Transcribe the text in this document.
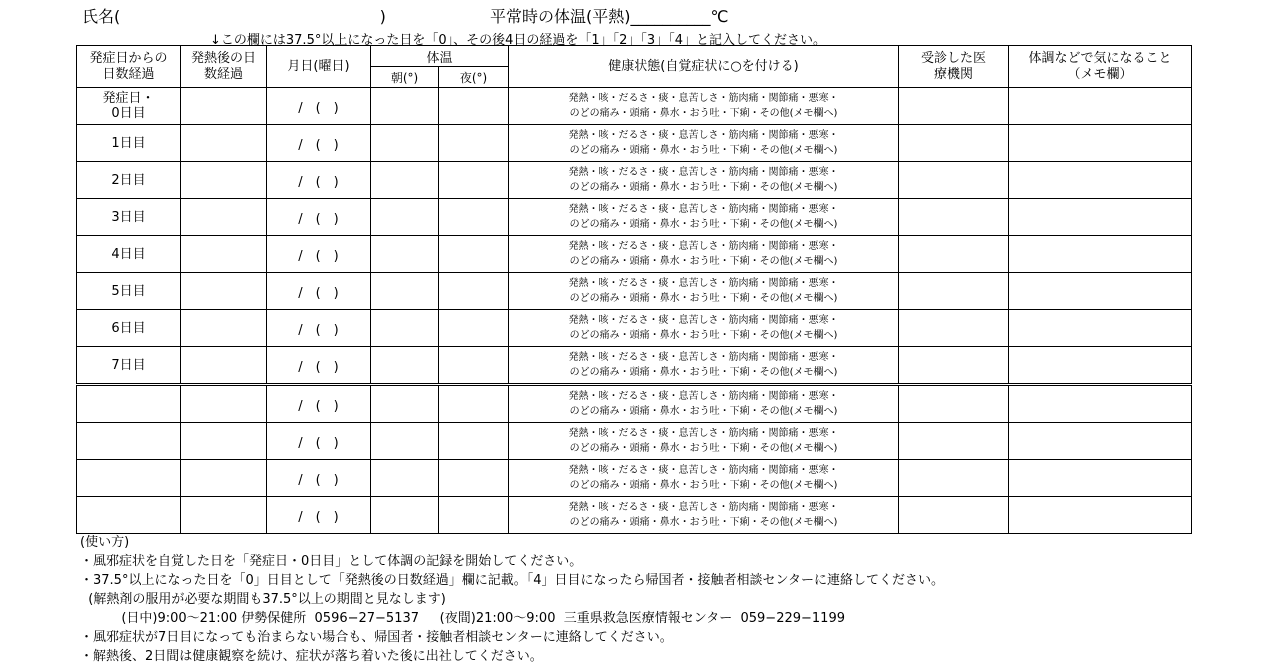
氏名(                                                   )	平常時の体温(平熱)__________℃
↓この欄には37.5°以上になった日を「0」、その後4日の経過を「1」「2」「3」「4」と記入してください。
発症日からの日数経過	発熱後の日数経過	月日(曜日)	体温		健康状態(自覚症状に○を付ける)	受診した医療機関	体調などで気になること（メモ欄）
			朝(°)	夜(°)			
発症日・0日目		/　(　)			発熱・咳・だるさ・痰・息苦しさ・筋肉痛・関節痛・悪寒・
のどの痛み・頭痛・鼻水・おう吐・下痢・その他(メモ欄へ)		

1日目		/　(　)			発熱・咳・だるさ・痰・息苦しさ・筋肉痛・関節痛・悪寒・
のどの痛み・頭痛・鼻水・おう吐・下痢・その他(メモ欄へ)		

2日目		/　(　)			発熱・咳・だるさ・痰・息苦しさ・筋肉痛・関節痛・悪寒・
のどの痛み・頭痛・鼻水・おう吐・下痢・その他(メモ欄へ)		

3日目		/　(　)			発熱・咳・だるさ・痰・息苦しさ・筋肉痛・関節痛・悪寒・
のどの痛み・頭痛・鼻水・おう吐・下痢・その他(メモ欄へ)		

4日目		/　(　)			発熱・咳・だるさ・痰・息苦しさ・筋肉痛・関節痛・悪寒・
のどの痛み・頭痛・鼻水・おう吐・下痢・その他(メモ欄へ)		

5日目		/　(　)			発熱・咳・だるさ・痰・息苦しさ・筋肉痛・関節痛・悪寒・
のどの痛み・頭痛・鼻水・おう吐・下痢・その他(メモ欄へ)		

6日目		/　(　)			発熱・咳・だるさ・痰・息苦しさ・筋肉痛・関節痛・悪寒・
のどの痛み・頭痛・鼻水・おう吐・下痢・その他(メモ欄へ)		

7日目		/　(　)			発熱・咳・だるさ・痰・息苦しさ・筋肉痛・関節痛・悪寒・
のどの痛み・頭痛・鼻水・おう吐・下痢・その他(メモ欄へ)		

		/　(　)			発熱・咳・だるさ・痰・息苦しさ・筋肉痛・関節痛・悪寒・
のどの痛み・頭痛・鼻水・おう吐・下痢・その他(メモ欄へ)		

		/　(　)			発熱・咳・だるさ・痰・息苦しさ・筋肉痛・関節痛・悪寒・
のどの痛み・頭痛・鼻水・おう吐・下痢・その他(メモ欄へ)		

		/　(　)			発熱・咳・だるさ・痰・息苦しさ・筋肉痛・関節痛・悪寒・
のどの痛み・頭痛・鼻水・おう吐・下痢・その他(メモ欄へ)		

		/　(　)			発熱・咳・だるさ・痰・息苦しさ・筋肉痛・関節痛・悪寒・
のどの痛み・頭痛・鼻水・おう吐・下痢・その他(メモ欄へ)		

(使い方)
・風邪症状を自覚した日を「発症日・0日目」として体調の記録を開始してください。
・37.5°以上になった日を「0」日目として「発熱後の日数経過」欄に記載。「4」日目になったら帰国者・接触者相談センターに連絡してください。
(解熱剤の服用が必要な期間も37.5°以上の期間と見なします)
(日中)9:00～21:00 伊勢保健所  0596−27−5137     (夜間)21:00～9:00  三重県救急医療情報センター  059−229−1199
・風邪症状が7日目になっても治まらない場合も、帰国者・接触者相談センターに連絡してください。
・解熱後、2日間は健康観察を続け、症状が落ち着いた後に出社してください。
